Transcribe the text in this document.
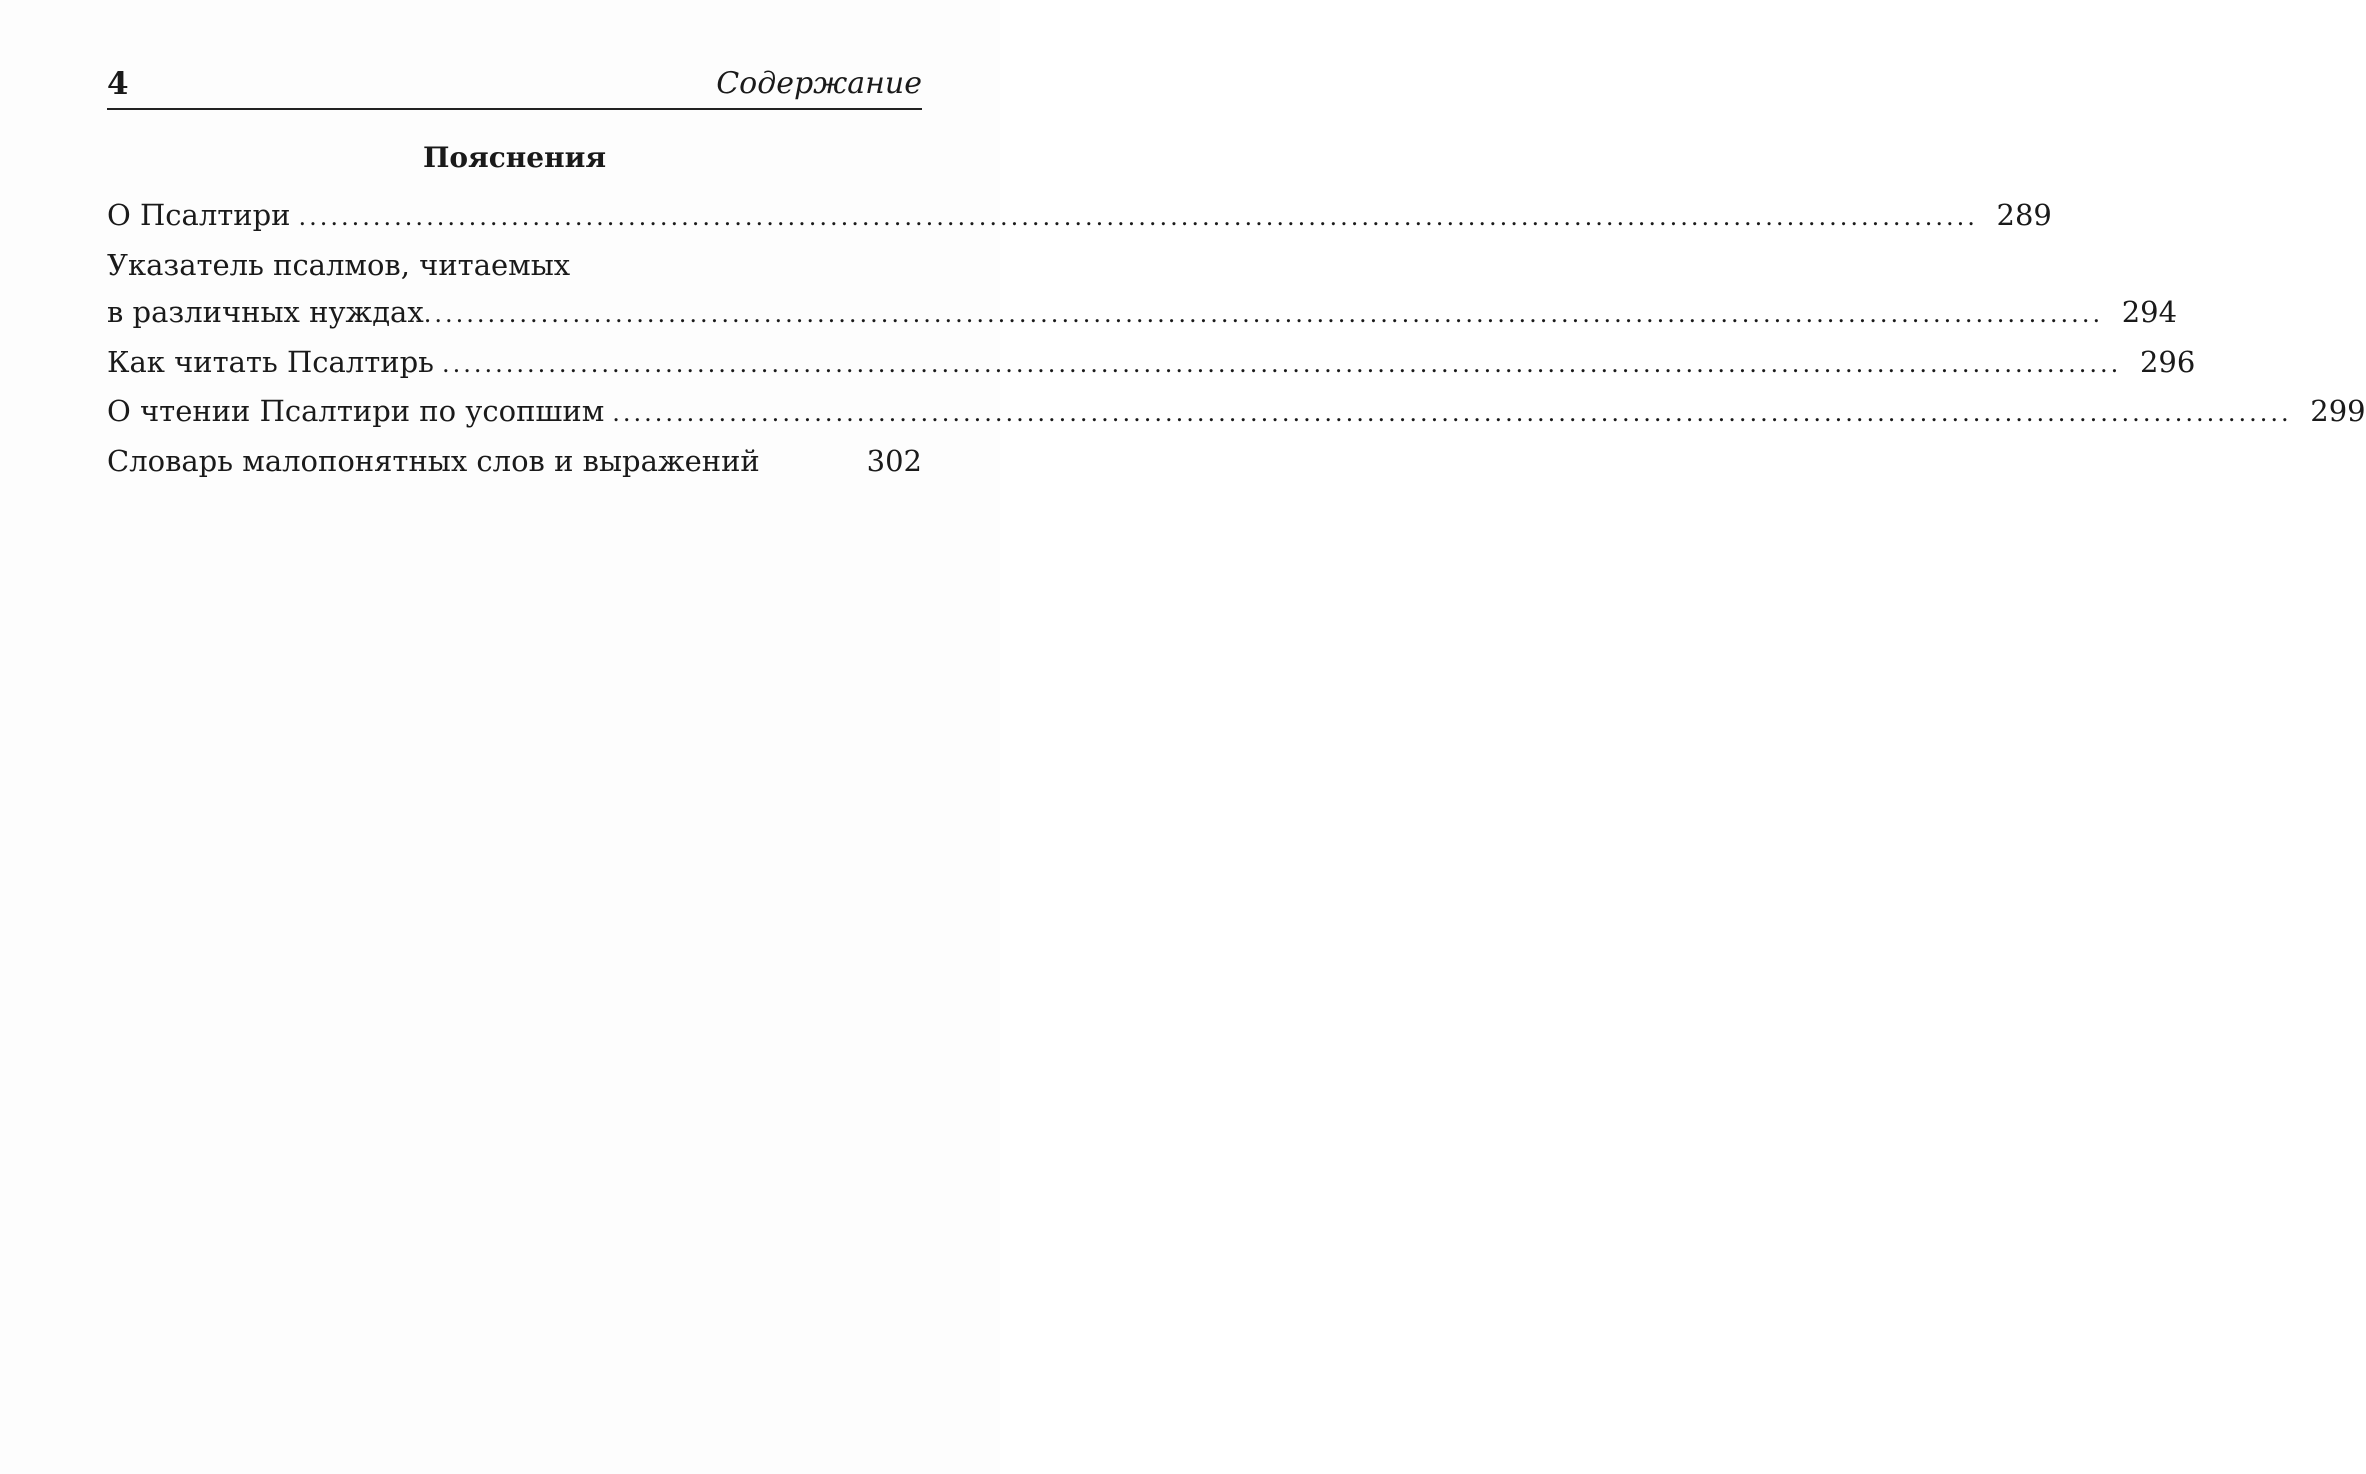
4	Содержание
Пояснения
О Псалтири .....	289
Указатель псалмов, читаемых
в различных нуждах .....	294
Как читать Псалтирь .....	296
О чтении Псалтири по усопшим .....	299
Словарь малопонятных слов и выражений	302
